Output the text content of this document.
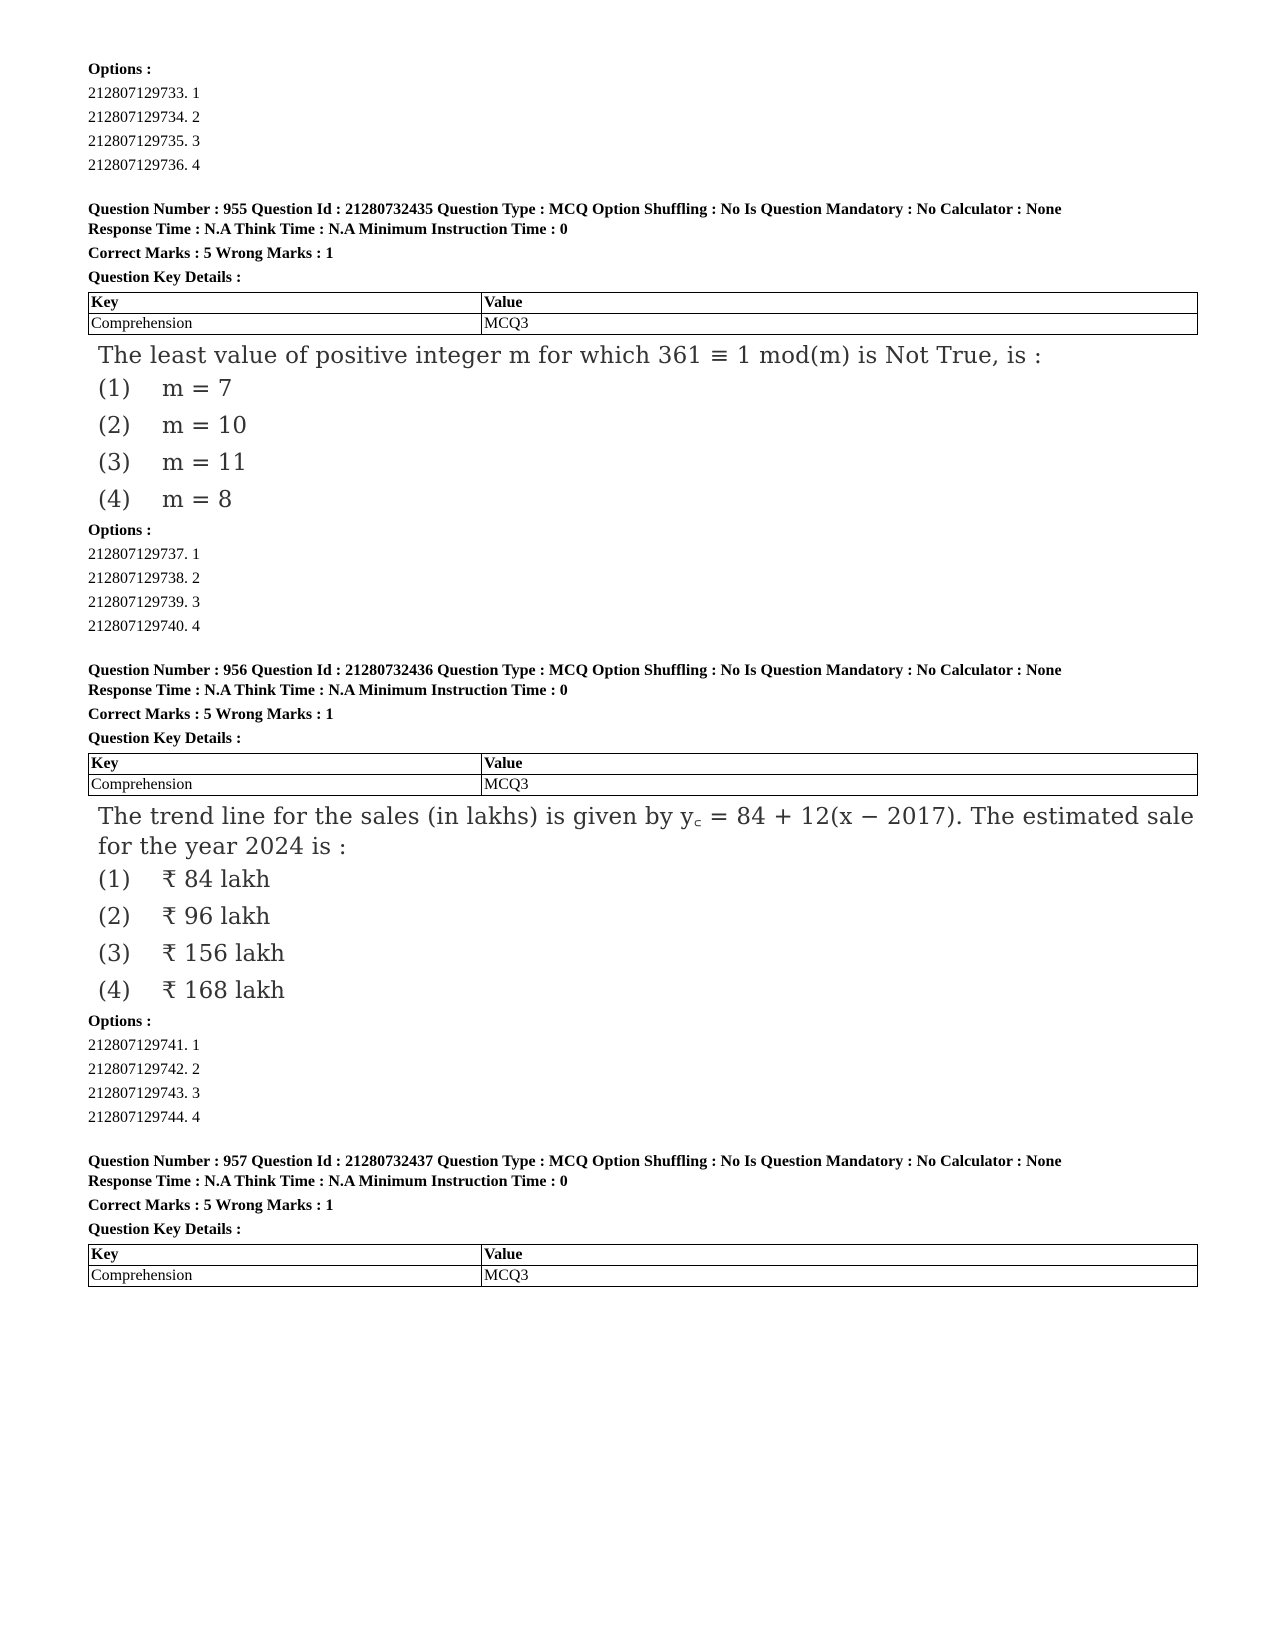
Options :
212807129733. 1
212807129734. 2
212807129735. 3
212807129736. 4
Question Number : 955 Question Id : 21280732435 Question Type : MCQ Option Shuffling : No Is Question Mandatory : No Calculator : None
Response Time : N.A Think Time : N.A Minimum Instruction Time : 0
Correct Marks : 5 Wrong Marks : 1
Question Key Details :
Key	Value
Comprehension	MCQ3
The least value of positive integer m for which 361 ≡ 1 mod(m) is Not True, is :
(1)	m = 7
(2)	m = 10
(3)	m = 11
(4)	m = 8
Options :
212807129737. 1
212807129738. 2
212807129739. 3
212807129740. 4
Question Number : 956 Question Id : 21280732436 Question Type : MCQ Option Shuffling : No Is Question Mandatory : No Calculator : None
Response Time : N.A Think Time : N.A Minimum Instruction Time : 0
Correct Marks : 5 Wrong Marks : 1
Question Key Details :
Key	Value
Comprehension	MCQ3
The trend line for the sales (in lakhs) is given by y꜀ = 84 + 12(x − 2017). The estimated sale for the year 2024 is :
(1)	₹ 84 lakh
(2)	₹ 96 lakh
(3)	₹ 156 lakh
(4)	₹ 168 lakh
Options :
212807129741. 1
212807129742. 2
212807129743. 3
212807129744. 4
Question Number : 957 Question Id : 21280732437 Question Type : MCQ Option Shuffling : No Is Question Mandatory : No Calculator : None
Response Time : N.A Think Time : N.A Minimum Instruction Time : 0
Correct Marks : 5 Wrong Marks : 1
Question Key Details :
Key	Value
Comprehension	MCQ3
